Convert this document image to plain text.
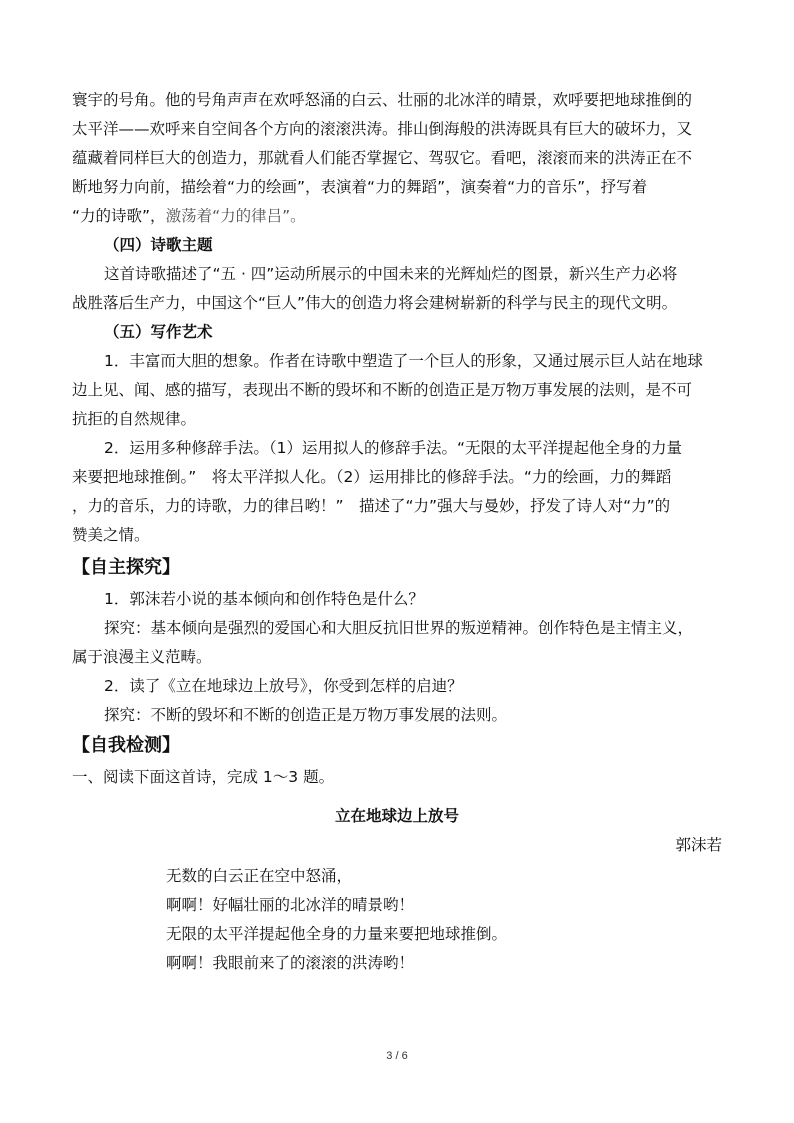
寰宇的号角。他的号角声声在欢呼怒涌的白云、壮丽的北冰洋的晴景，欢呼要把地球推倒的
太平洋——欢呼来自空间各个方向的滚滚洪涛。排山倒海般的洪涛既具有巨大的破坏力，又
蕴藏着同样巨大的创造力，那就看人们能否掌握它、驾驭它。看吧，滚滚而来的洪涛正在不
断地努力向前，描绘着“力的绘画”，表演着“力的舞蹈”，演奏着“力的音乐”，抒写着
“力的诗歌”，激荡着“力的律吕”。
（四）诗歌主题
这首诗歌描述了“五 · 四”运动所展示的中国未来的光辉灿烂的图景，新兴生产力必将
战胜落后生产力，中国这个“巨人”伟大的创造力将会建树崭新的科学与民主的现代文明。
（五）写作艺术
1．丰富而大胆的想象。作者在诗歌中塑造了一个巨人的形象，又通过展示巨人站在地球
边上见、闻、感的描写，表现出不断的毁坏和不断的创造正是万物万事发展的法则，是不可
抗拒的自然规律。
2．运用多种修辞手法。（1）运用拟人的修辞手法。“无限的太平洋提起他全身的力量
来要把地球推倒。”　将太平洋拟人化。（2）运用排比的修辞手法。“力的绘画，力的舞蹈
，力的音乐，力的诗歌，力的律吕哟！”　描述了“力”强大与曼妙，抒发了诗人对“力”的
赞美之情。
【自主探究】
1．郭沫若小说的基本倾向和创作特色是什么？
探究：基本倾向是强烈的爱国心和大胆反抗旧世界的叛逆精神。创作特色是主情主义，
属于浪漫主义范畴。
2．读了《立在地球边上放号》，你受到怎样的启迪？
探究：不断的毁坏和不断的创造正是万物万事发展的法则。
【自我检测】
一、阅读下面这首诗，完成 1～3 题。
立在地球边上放号
郭沫若
无数的白云正在空中怒涌，
啊啊！好幅壮丽的北冰洋的晴景哟！
无限的太平洋提起他全身的力量来要把地球推倒。
啊啊！我眼前来了的滚滚的洪涛哟！
3 / 6
